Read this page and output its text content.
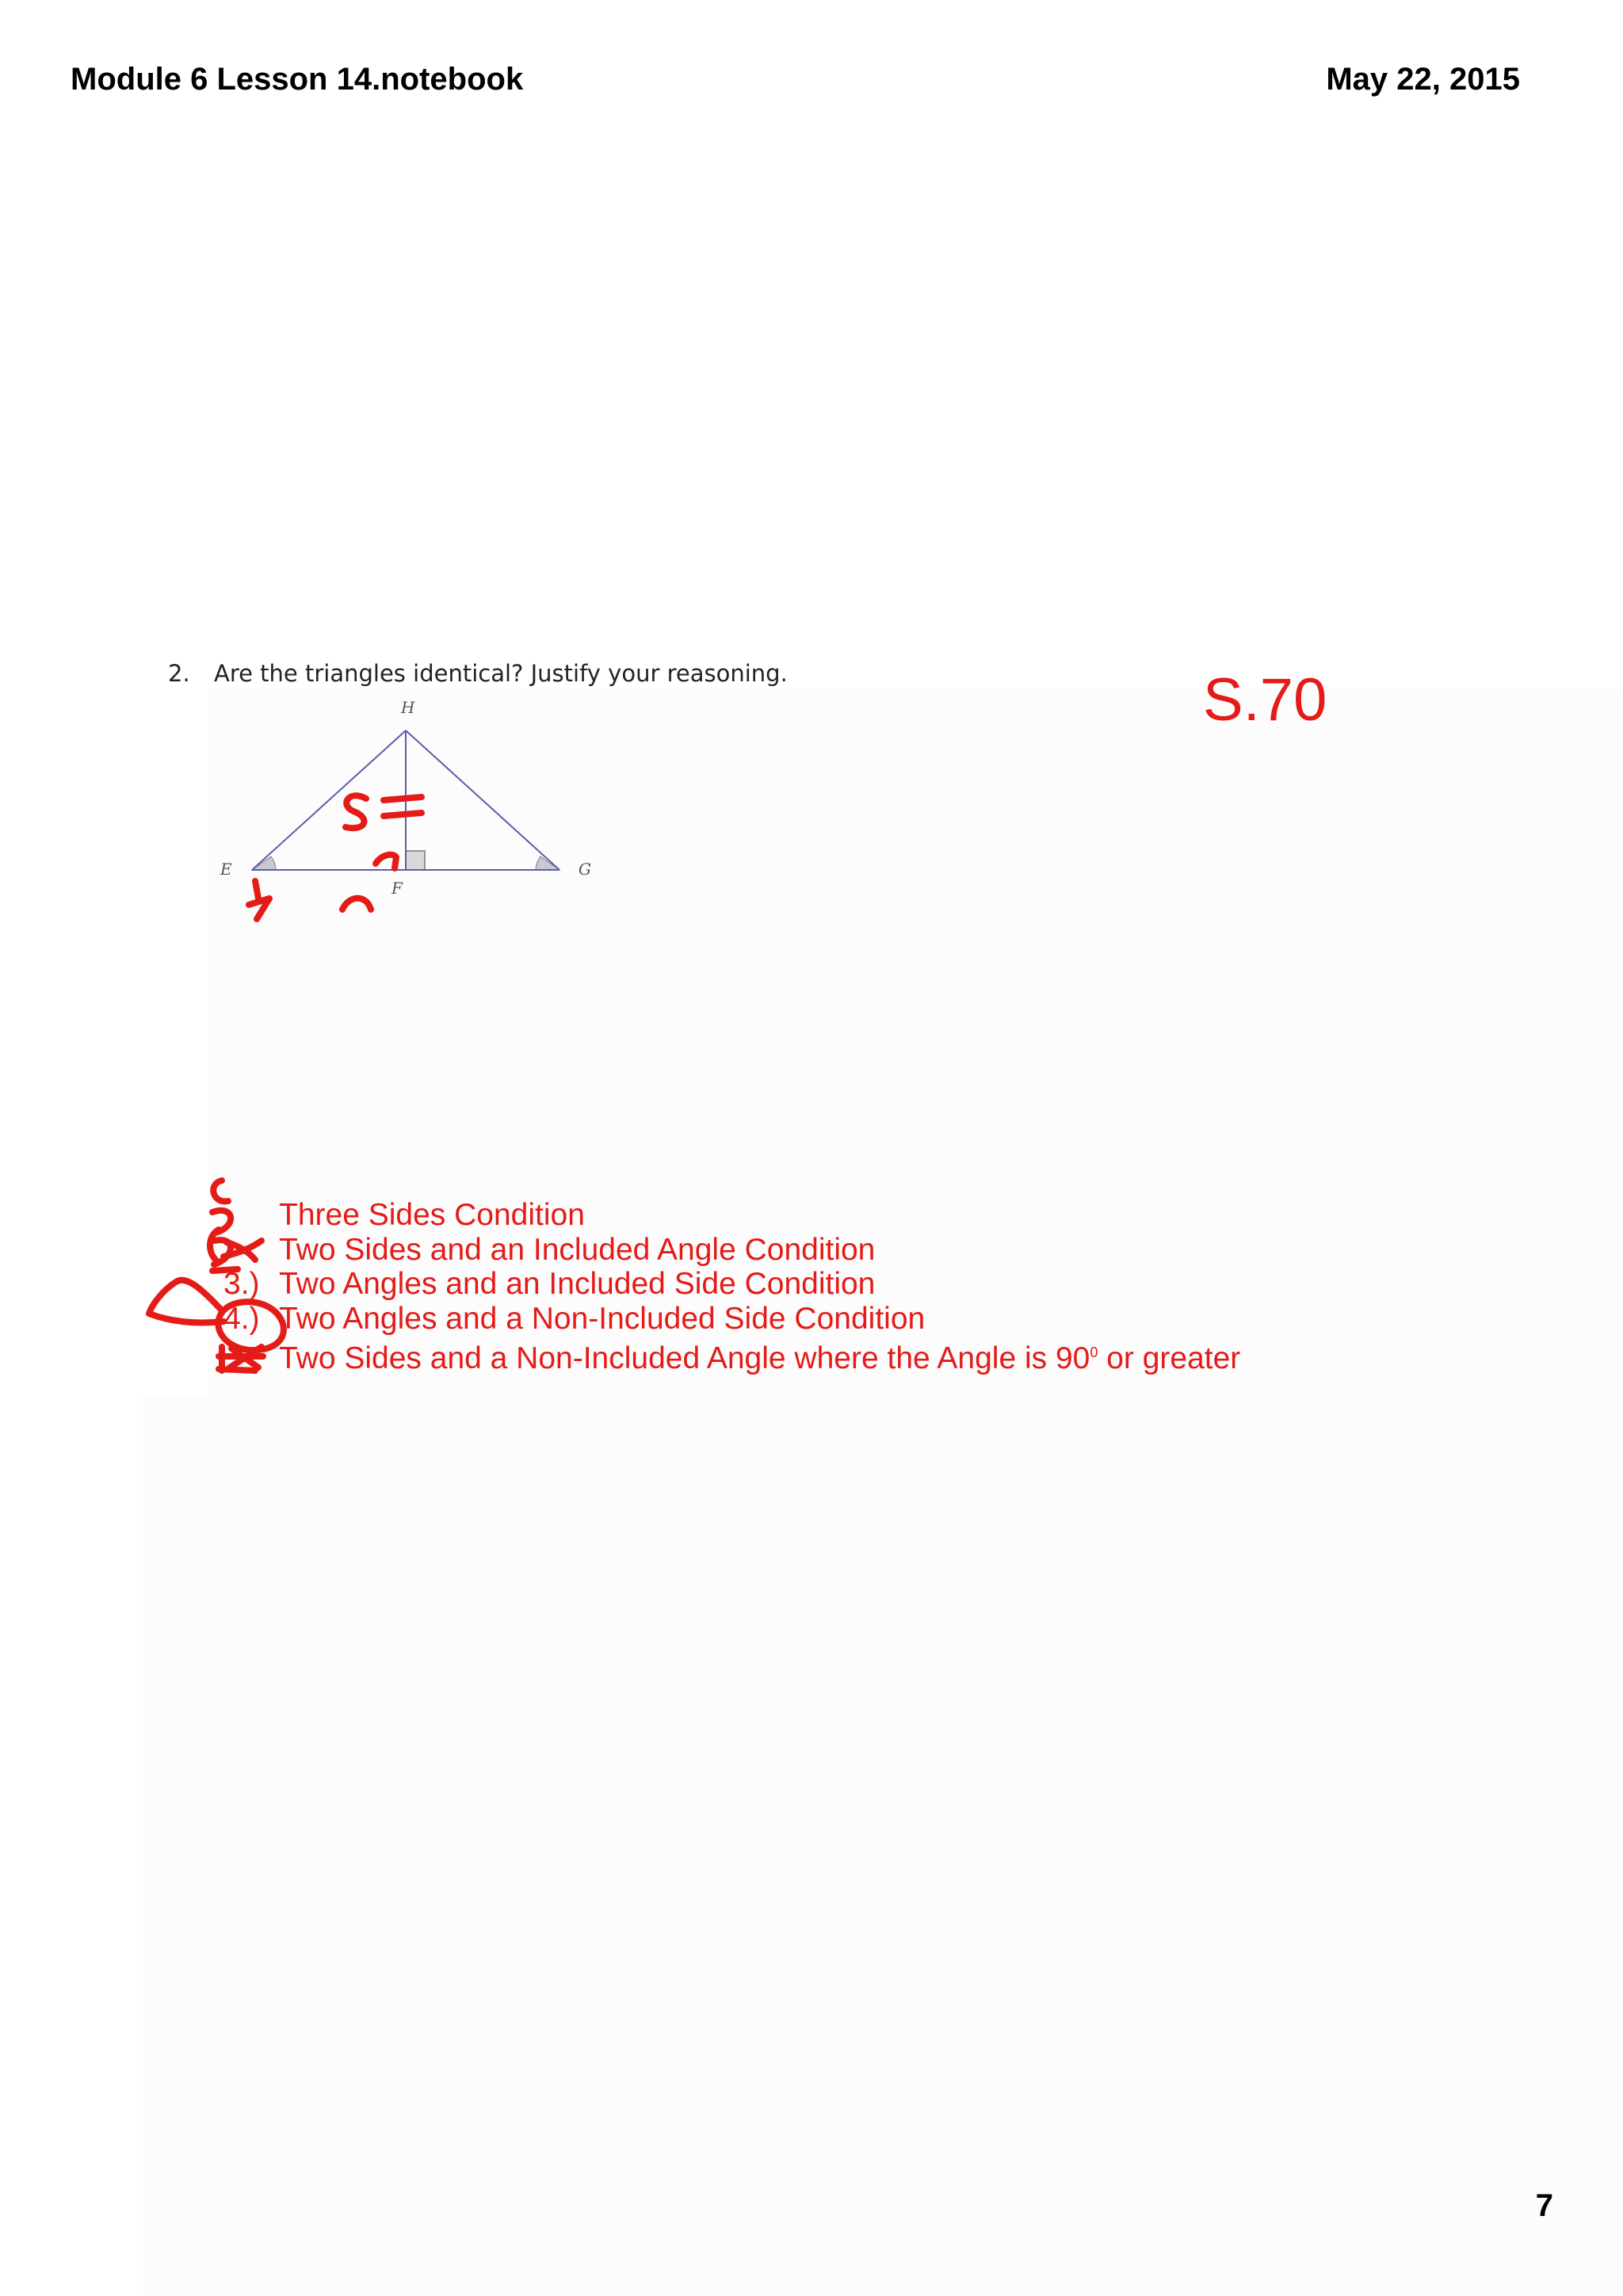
Module 6 Lesson 14.notebook	May 22, 2015
2. Are the triangles identical? Justify your reasoning.	S.70
H
E
F
G
Three Sides Condition
Two Sides and an Included Angle Condition
3.) Two Angles and an Included Side Condition
4.) Two Angles and a Non-Included Side Condition
Two Sides and a Non-Included Angle where the Angle is $90^0$ or greater
7
